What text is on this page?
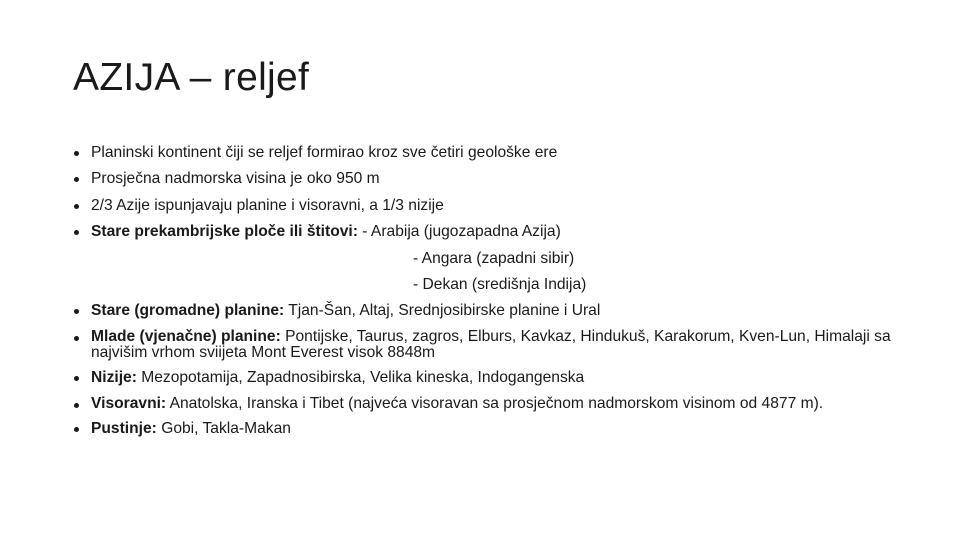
AZIJA – reljef
Planinski kontinent čiji se reljef formirao kroz sve četiri geološke ere
Prosječna nadmorska visina je oko 950 m
2/3 Azije ispunjavaju planine i visoravni, a 1/3 nizije
Stare prekambrijske ploče ili štitovi: - Arabija (jugozapadna Azija)
- Angara (zapadni sibir)
- Dekan (središnja Indija)
Stare (gromadne) planine: Tjan-Šan, Altaj, Srednjosibirske planine i Ural
Mlade (vjenačne) planine: Pontijske, Taurus, zagros, Elburs, Kavkaz, Hindukuš, Karakorum, Kven-Lun, Himalaji sa najvišim vrhom sviijeta Mont Everest visok 8848m
Nizije: Mezopotamija, Zapadnosibirska, Velika kineska, Indogangenska
Visoravni: Anatolska, Iranska i Tibet (najveća visoravan sa prosječnom nadmorskom visinom od 4877 m).
Pustinje: Gobi, Takla-Makan
